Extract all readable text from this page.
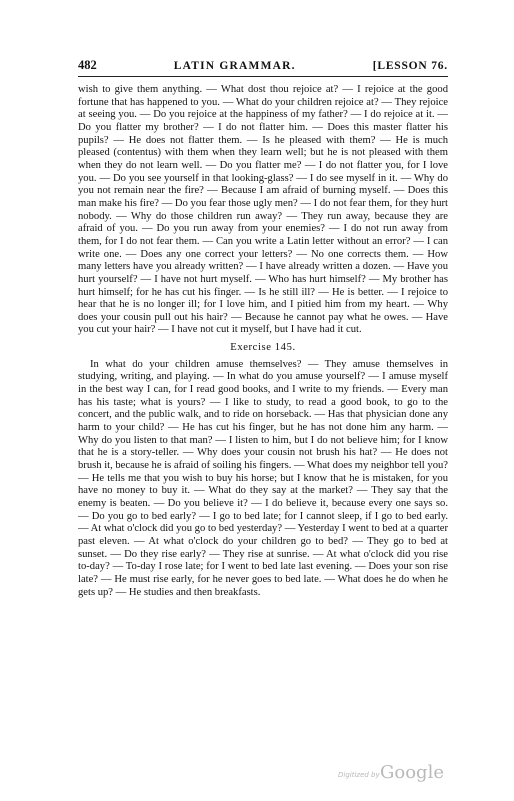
482	LATIN GRAMMAR.	[LESSON 76.

wish to give them anything. — What dost thou rejoice at? — I rejoice at the good fortune that has happened to you. — What do your children rejoice at? — They rejoice at seeing you. — Do you rejoice at the happiness of my father? — I do rejoice at it. — Do you flatter my brother? — I do not flatter him. — Does this master flatter his pupils? — He does not flatter them. — Is he pleased with them? — He is much pleased (contentus) with them when they learn well; but he is not pleased with them when they do not learn well. — Do you flatter me? — I do not flatter you, for I love you. — Do you see yourself in that looking-glass? — I do see myself in it. — Why do you not remain near the fire? — Because I am afraid of burning myself. — Does this man make his fire? — Do you fear those ugly men? — I do not fear them, for they hurt nobody. — Why do those children run away? — They run away, because they are afraid of you. — Do you run away from your enemies? — I do not run away from them, for I do not fear them. — Can you write a Latin letter without an error? — I can write one. — Does any one correct your letters? — No one corrects them. — How many letters have you already written? — I have already written a dozen. — Have you hurt yourself? — I have not hurt myself. — Who has hurt himself? — My brother has hurt himself; for he has cut his finger. — Is he still ill? — He is better. — I rejoice to hear that he is no longer ill; for I love him, and I pitied him from my heart. — Why does your cousin pull out his hair? — Because he cannot pay what he owes. — Have you cut your hair? — I have not cut it myself, but I have had it cut.

Exercise 145.

In what do your children amuse themselves? — They amuse themselves in studying, writing, and playing. — In what do you amuse yourself? — I amuse myself in the best way I can, for I read good books, and I write to my friends. — Every man has his taste; what is yours? — I like to study, to read a good book, to go to the concert, and the public walk, and to ride on horseback. — Has that physician done any harm to your child? — He has cut his finger, but he has not done him any harm. — Why do you listen to that man? — I listen to him, but I do not believe him; for I know that he is a story-teller. — Why does your cousin not brush his hat? — He does not brush it, because he is afraid of soiling his fingers. — What does my neighbor tell you? — He tells me that you wish to buy his horse; but I know that he is mistaken, for you have no money to buy it. — What do they say at the market? — They say that the enemy is beaten. — Do you believe it? — I do believe it, because every one says so. — Do you go to bed early? — I go to bed late; for I cannot sleep, if I go to bed early. — At what o'clock did you go to bed yesterday? — Yesterday I went to bed at a quarter past eleven. — At what o'clock do your children go to bed? — They go to bed at sunset. — Do they rise early? — They rise at sunrise. — At what o'clock did you rise to-day? — To-day I rose late; for I went to bed late last evening. — Does your son rise late? — He must rise early, for he never goes to bed late. — What does he do when he gets up? — He studies and then breakfasts.

Digitized by Google
